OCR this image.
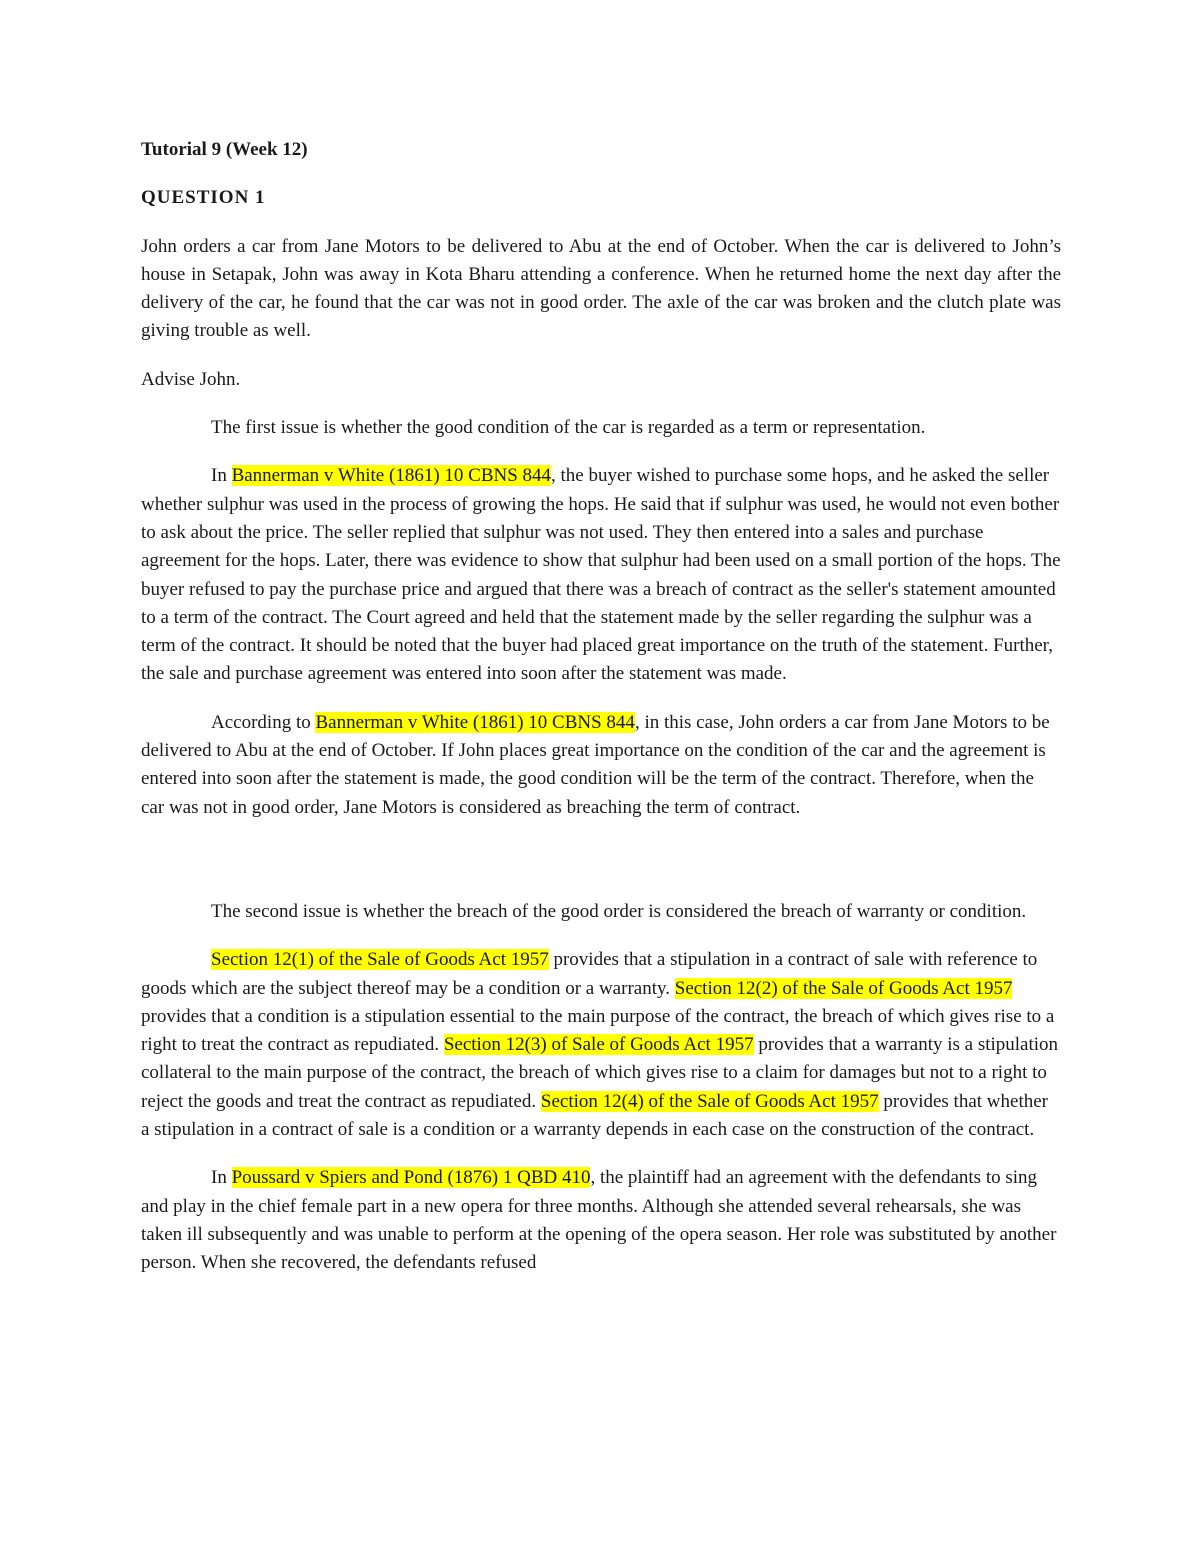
Tutorial 9 (Week 12)
QUESTION 1

John orders a car from Jane Motors to be delivered to Abu at the end of October. When the car is delivered to John’s house in Setapak, John was away in Kota Bharu attending a conference. When he returned home the next day after the delivery of the car, he found that the car was not in good order. The axle of the car was broken and the clutch plate was giving trouble as well.

Advise John.

The first issue is whether the good condition of the car is regarded as a term or representation.

In Bannerman v White (1861) 10 CBNS 844, the buyer wished to purchase some hops, and he asked the seller whether sulphur was used in the process of growing the hops. He said that if sulphur was used, he would not even bother to ask about the price. The seller replied that sulphur was not used. They then entered into a sales and purchase agreement for the hops. Later, there was evidence to show that sulphur had been used on a small portion of the hops. The buyer refused to pay the purchase price and argued that there was a breach of contract as the seller's statement amounted to a term of the contract. The Court agreed and held that the statement made by the seller regarding the sulphur was a term of the contract. It should be noted that the buyer had placed great importance on the truth of the statement. Further, the sale and purchase agreement was entered into soon after the statement was made.

According to Bannerman v White (1861) 10 CBNS 844, in this case, John orders a car from Jane Motors to be delivered to Abu at the end of October. If John places great importance on the condition of the car and the agreement is entered into soon after the statement is made, the good condition will be the term of the contract. Therefore, when the car was not in good order, Jane Motors is considered as breaching the term of contract.

The second issue is whether the breach of the good order is considered the breach of warranty or condition.

Section 12(1) of the Sale of Goods Act 1957 provides that a stipulation in a contract of sale with reference to goods which are the subject thereof may be a condition or a warranty. Section 12(2) of the Sale of Goods Act 1957 provides that a condition is a stipulation essential to the main purpose of the contract, the breach of which gives rise to a right to treat the contract as repudiated. Section 12(3) of Sale of Goods Act 1957 provides that a warranty is a stipulation collateral to the main purpose of the contract, the breach of which gives rise to a claim for damages but not to a right to reject the goods and treat the contract as repudiated. Section 12(4) of the Sale of Goods Act 1957 provides that whether a stipulation in a contract of sale is a condition or a warranty depends in each case on the construction of the contract.

In Poussard v Spiers and Pond (1876) 1 QBD 410, the plaintiff had an agreement with the defendants to sing and play in the chief female part in a new opera for three months. Although she attended several rehearsals, she was taken ill subsequently and was unable to perform at the opening of the opera season. Her role was substituted by another person. When she recovered, the defendants refused
